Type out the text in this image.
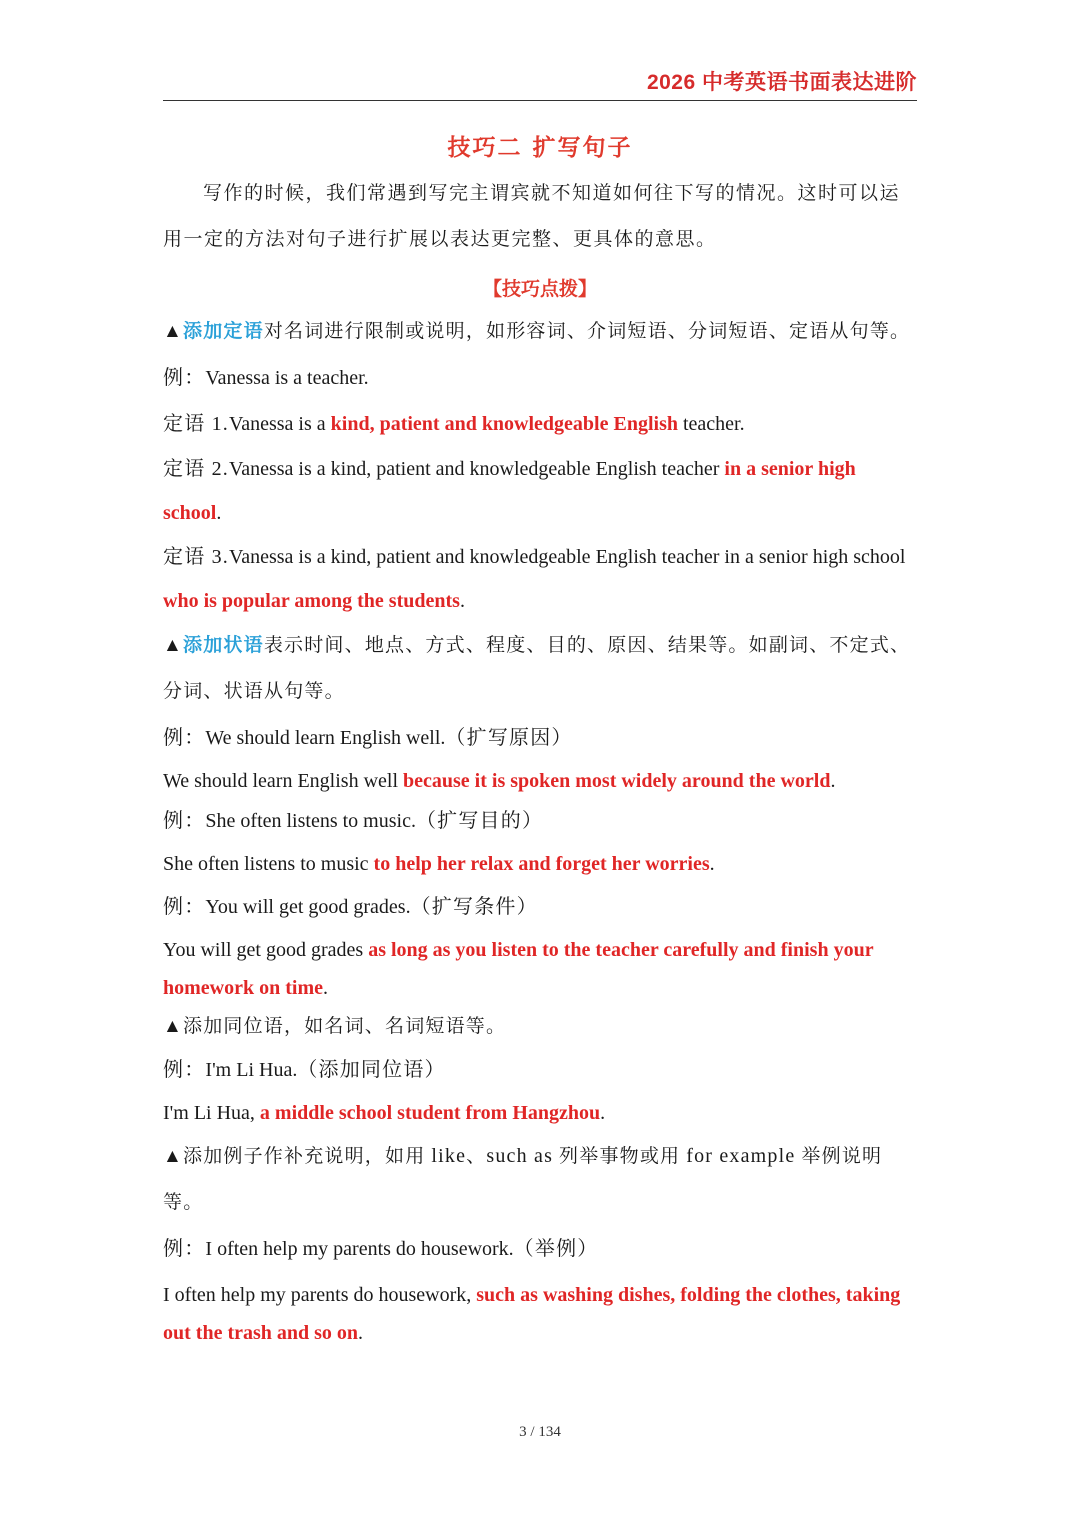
2026 中考英语书面表达进阶
技巧二 扩写句子

写作的时候，我们常遇到写完主谓宾就不知道如何往下写的情况。这时可以运用一定的方法对句子进行扩展以表达更完整、更具体的意思。

【技巧点拨】

▲添加定语对名词进行限制或说明，如形容词、介词短语、分词短语、定语从句等。

例：Vanessa is a teacher.

定语 1.Vanessa is a kind, patient and knowledgeable English teacher.

定语 2.Vanessa is a kind, patient and knowledgeable English teacher in a senior high school.

定语 3.Vanessa is a kind, patient and knowledgeable English teacher in a senior high school who is popular among the students.

▲添加状语表示时间、地点、方式、程度、目的、原因、结果等。如副词、不定式、分词、状语从句等。

例：We should learn English well.（扩写原因）

We should learn English well because it is spoken most widely around the world.

例：She often listens to music.（扩写目的）

She often listens to music to help her relax and forget her worries.

例：You will get good grades.（扩写条件）

You will get good grades as long as you listen to the teacher carefully and finish your homework on time.

▲添加同位语，如名词、名词短语等。

例：I'm Li Hua.（添加同位语）

I'm Li Hua, a middle school student from Hangzhou.

▲添加例子作补充说明，如用 like、such as 列举事物或用 for example 举例说明等。

例：I often help my parents do housework.（举例）

I often help my parents do housework, such as washing dishes, folding the clothes, taking out the trash and so on.

3 / 134
